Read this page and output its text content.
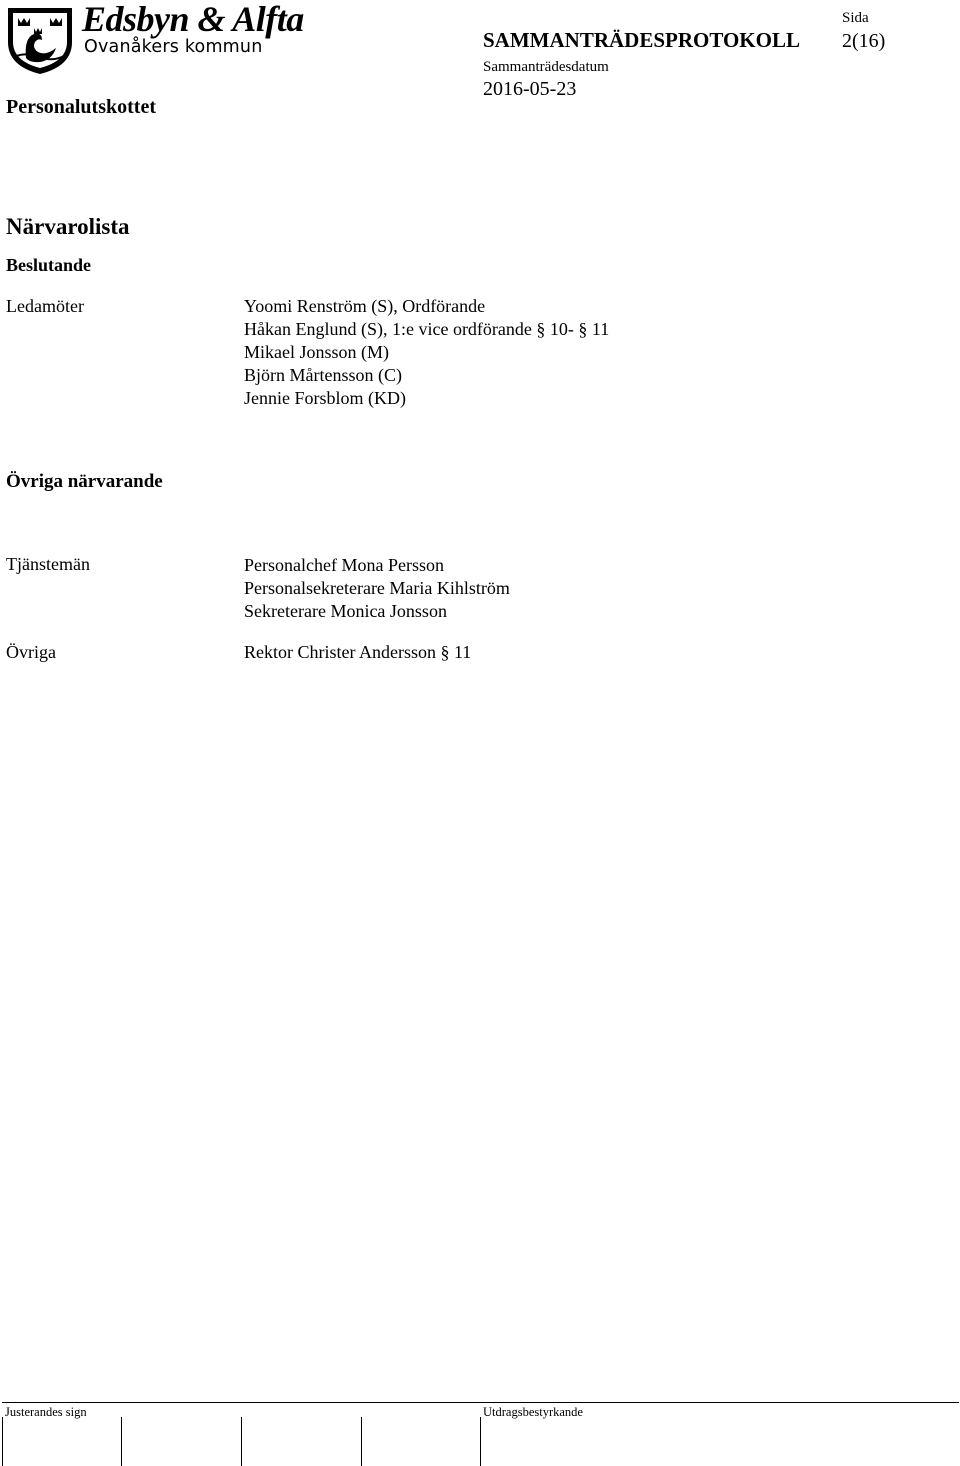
Edsbyn & Alfta
Ovanåkers kommun
Personalutskottet
SAMMANTRÄDESPROTOKOLL
Sida
2(16)
Sammanträdesdatum
2016-05-23
Närvarolista
Beslutande
Ledamöter	Yoomi Renström (S), Ordförande
Håkan Englund (S), 1:e vice ordförande § 10- § 11
Mikael Jonsson (M)
Björn Mårtensson (C)
Jennie Forsblom (KD)
Övriga närvarande
Tjänstemän	Personalchef Mona Persson
Personalsekreterare Maria Kihlström
Sekreterare Monica Jonsson
Övriga	Rektor Christer Andersson § 11
Justerandes sign	Utdragsbestyrkande
